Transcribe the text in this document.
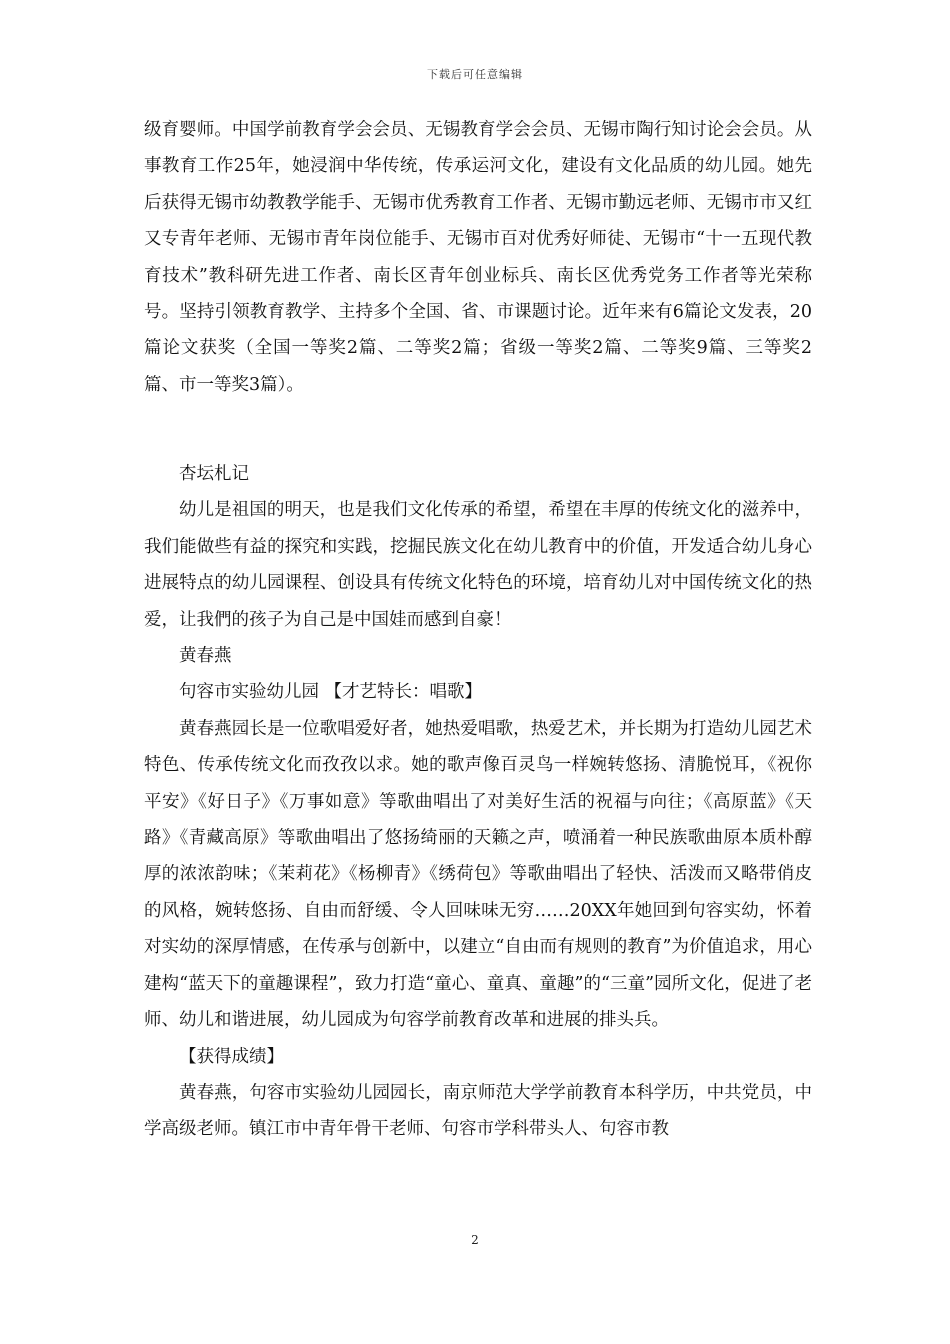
下载后可任意编辑

级育婴师。中国学前教育学会会员、无锡教育学会会员、无锡市陶行知讨论会会员。从事教育工作25年，她浸润中华传统，传承运河文化，建设有文化品质的幼儿园。她先后获得无锡市幼教教学能手、无锡市优秀教育工作者、无锡市勤远老师、无锡市市又红又专青年老师、无锡市青年岗位能手、无锡市百对优秀好师徒、无锡市“十一五现代教育技术”教科研先进工作者、南长区青年创业标兵、南长区优秀党务工作者等光荣称号。坚持引领教育教学、主持多个全国、省、市课题讨论。近年来有6篇论文发表，20篇论文获奖（全国一等奖2篇、二等奖2篇；省级一等奖2篇、二等奖9篇、三等奖2篇、市一等奖3篇）。

杏坛札记

幼儿是祖国的明天，也是我们文化传承的希望，希望在丰厚的传统文化的滋养中，我们能做些有益的探究和实践，挖掘民族文化在幼儿教育中的价值，开发适合幼儿身心进展特点的幼儿园课程、创设具有传统文化特色的环境，培育幼儿对中国传统文化的热爱，让我們的孩子为自己是中国娃而感到自豪！

黄春燕

句容市实验幼儿园 【才艺特长：唱歌】

黄春燕园长是一位歌唱爱好者，她热爱唱歌，热爱艺术，并长期为打造幼儿园艺术特色、传承传统文化而孜孜以求。她的歌声像百灵鸟一样婉转悠扬、清脆悦耳，《祝你平安》《好日子》《万事如意》等歌曲唱出了对美好生活的祝福与向往；《高原蓝》《天路》《青藏高原》等歌曲唱出了悠扬绮丽的天籁之声，喷涌着一种民族歌曲原本质朴醇厚的浓浓韵味；《茉莉花》《杨柳青》《绣荷包》等歌曲唱出了轻快、活泼而又略带俏皮的风格，婉转悠扬、自由而舒缓、令人回味味无穷……20XX年她回到句容实幼，怀着对实幼的深厚情感，在传承与创新中，以建立“自由而有规则的教育”为价值追求，用心建构“蓝天下的童趣课程”，致力打造“童心、童真、童趣”的“三童”园所文化，促进了老师、幼儿和谐进展，幼儿园成为句容学前教育改革和进展的排头兵。

【获得成绩】

黄春燕，句容市实验幼儿园园长，南京师范大学学前教育本科学历，中共党员，中学高级老师。镇江市中青年骨干老师、句容市学科带头人、句容市教

2
